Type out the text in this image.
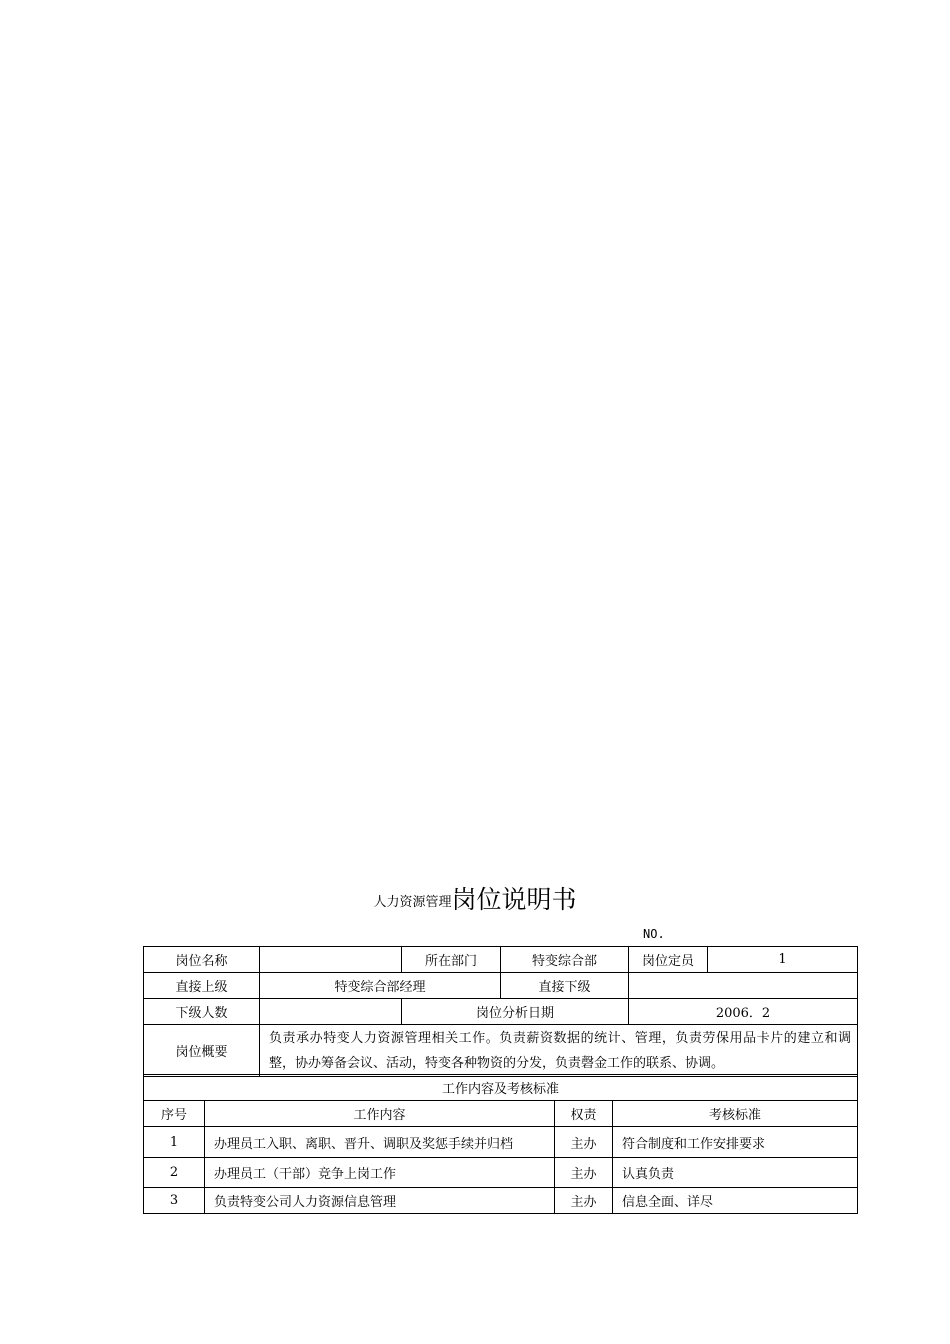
人力资源管理岗位说明书
NO.
岗位名称		所在部门	特变综合部	岗位定员	1
直接上级	特变综合部经理		直接下级		
下级人数		岗位分析日期		2006．2	
岗位概要	负责承办特变人力资源管理相关工作。负责薪资数据的统计、管理，负责劳保用品卡片的建立和调整，协办筹备会议、活动，特变各种物资的分发，负责磬金工作的联系、协调。				
工作内容及考核标准			
序号	工作内容	权责	考核标准
1	办理员工入职、离职、晋升、调职及奖惩手续并归档	主办	符合制度和工作安排要求
2	办理员工（干部）竞争上岗工作	主办	认真负责
3	负责特变公司人力资源信息管理	主办	信息全面、详尽
